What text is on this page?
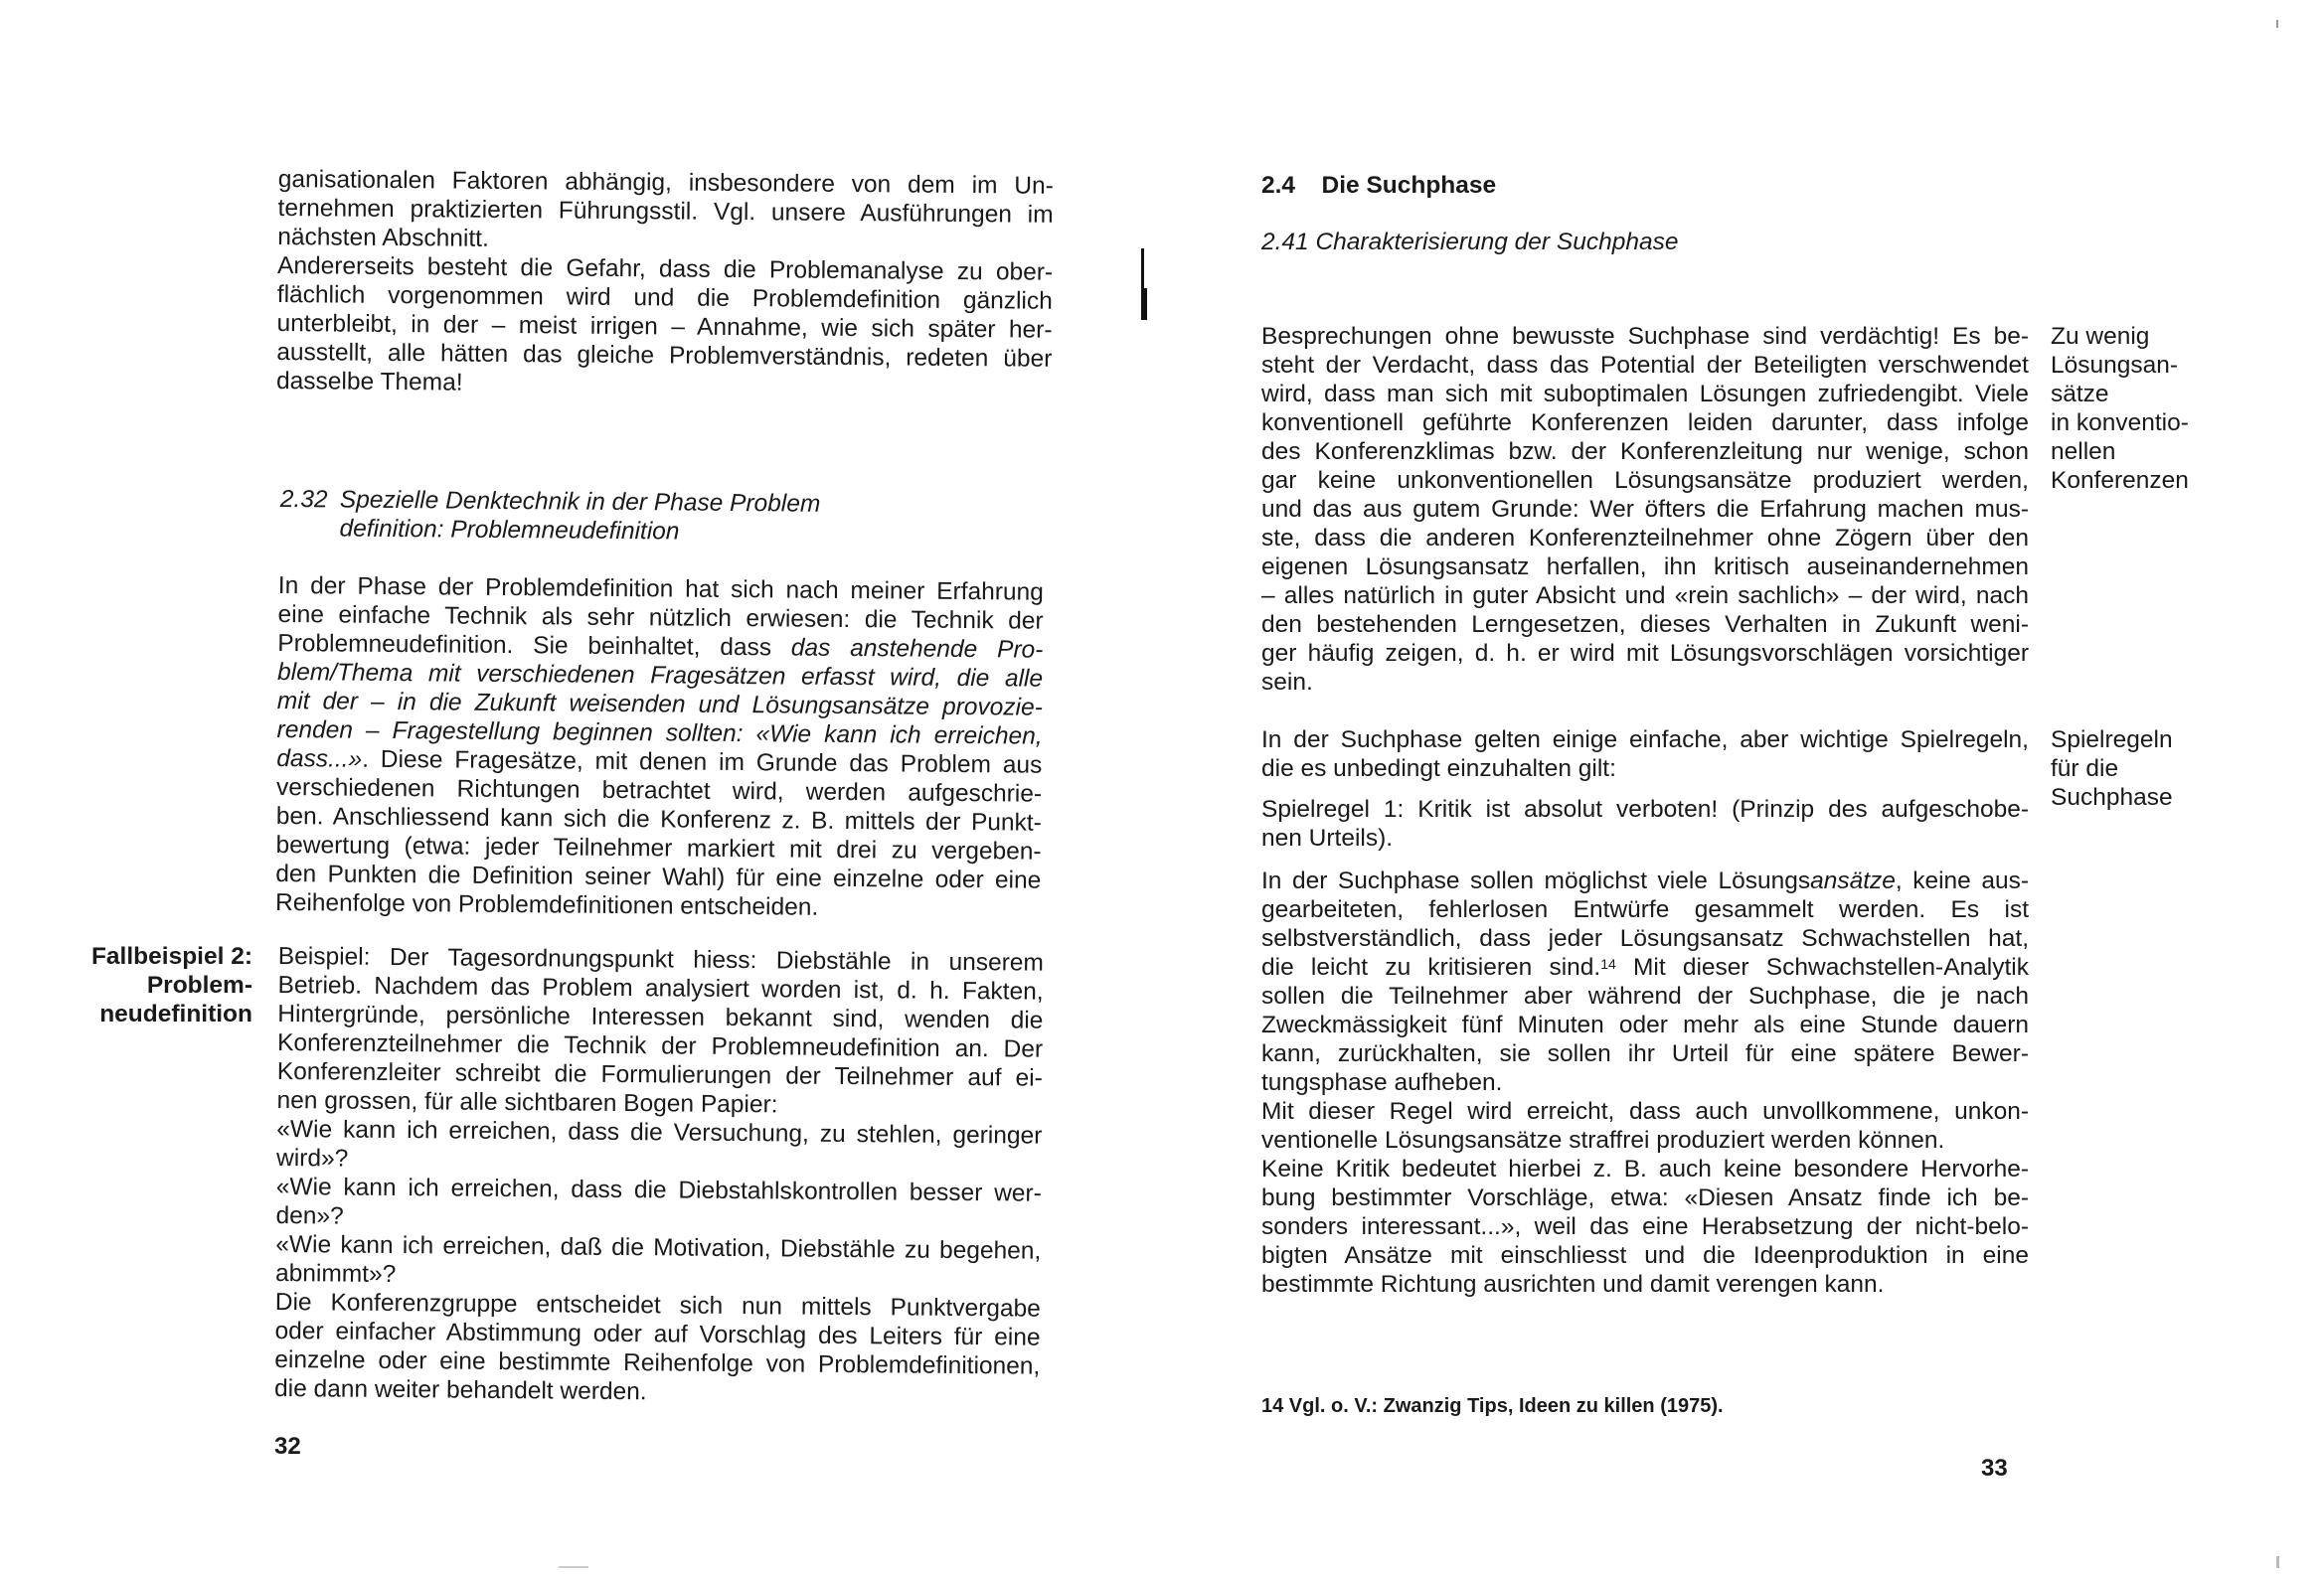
ganisationalen Faktoren abhängig, insbesondere von dem im Un-
ternehmen praktizierten Führungsstil. Vgl. unsere Ausführungen im
nächsten Abschnitt.
Andererseits besteht die Gefahr, dass die Problemanalyse zu ober-
flächlich vorgenommen wird und die Problemdefinition gänzlich
unterbleibt, in der – meist irrigen – Annahme, wie sich später her-
ausstellt, alle hätten das gleiche Problemverständnis, redeten über
dasselbe Thema!
2.32 Spezielle Denktechnik in der Phase Problem
definition: Problemneudefinition
In der Phase der Problemdefinition hat sich nach meiner Erfahrung
eine einfache Technik als sehr nützlich erwiesen: die Technik der
Problemneudefinition. Sie beinhaltet, dass das anstehende Pro-
blem/Thema mit verschiedenen Fragesätzen erfasst wird, die alle
mit der – in die Zukunft weisenden und Lösungsansätze provozie-
renden – Fragestellung beginnen sollten: «Wie kann ich erreichen,
dass...». Diese Fragesätze, mit denen im Grunde das Problem aus
verschiedenen Richtungen betrachtet wird, werden aufgeschrie-
ben. Anschliessend kann sich die Konferenz z. B. mittels der Punkt-
bewertung (etwa: jeder Teilnehmer markiert mit drei zu vergeben-
den Punkten die Definition seiner Wahl) für eine einzelne oder eine
Reihenfolge von Problemdefinitionen entscheiden.
Fallbeispiel 2:
Problem-
neudefinition
Beispiel: Der Tagesordnungspunkt hiess: Diebstähle in unserem
Betrieb. Nachdem das Problem analysiert worden ist, d. h. Fakten,
Hintergründe, persönliche Interessen bekannt sind, wenden die
Konferenzteilnehmer die Technik der Problemneudefinition an. Der
Konferenzleiter schreibt die Formulierungen der Teilnehmer auf ei-
nen grossen, für alle sichtbaren Bogen Papier:
«Wie kann ich erreichen, dass die Versuchung, zu stehlen, geringer
wird»?
«Wie kann ich erreichen, dass die Diebstahlskontrollen besser wer-
den»?
«Wie kann ich erreichen, daß die Motivation, Diebstähle zu begehen,
abnimmt»?
Die Konferenzgruppe entscheidet sich nun mittels Punktvergabe
oder einfacher Abstimmung oder auf Vorschlag des Leiters für eine
einzelne oder eine bestimmte Reihenfolge von Problemdefinitionen,
die dann weiter behandelt werden.
32
2.4 Die Suchphase
2.41 Charakterisierung der Suchphase
Besprechungen ohne bewusste Suchphase sind verdächtig! Es be-
steht der Verdacht, dass das Potential der Beteiligten verschwendet
wird, dass man sich mit suboptimalen Lösungen zufriedengibt. Viele
konventionell geführte Konferenzen leiden darunter, dass infolge
des Konferenzklimas bzw. der Konferenzleitung nur wenige, schon
gar keine unkonventionellen Lösungsansätze produziert werden,
und das aus gutem Grunde: Wer öfters die Erfahrung machen mus-
ste, dass die anderen Konferenzteilnehmer ohne Zögern über den
eigenen Lösungsansatz herfallen, ihn kritisch auseinandernehmen
– alles natürlich in guter Absicht und «rein sachlich» – der wird, nach
den bestehenden Lerngesetzen, dieses Verhalten in Zukunft weni-
ger häufig zeigen, d. h. er wird mit Lösungsvorschlägen vorsichtiger
sein.
Zu wenig
Lösungsan-
sätze
in konventio-
nellen
Konferenzen
In der Suchphase gelten einige einfache, aber wichtige Spielregeln,
die es unbedingt einzuhalten gilt:
Spielregeln
für die
Suchphase
Spielregel 1: Kritik ist absolut verboten! (Prinzip des aufgeschobe-
nen Urteils).
In der Suchphase sollen möglichst viele Lösungsansätze, keine aus-
gearbeiteten, fehlerlosen Entwürfe gesammelt werden. Es ist
selbstverständlich, dass jeder Lösungsansatz Schwachstellen hat,
die leicht zu kritisieren sind.$^{14}$ Mit dieser Schwachstellen-Analytik
sollen die Teilnehmer aber während der Suchphase, die je nach
Zweckmässigkeit fünf Minuten oder mehr als eine Stunde dauern
kann, zurückhalten, sie sollen ihr Urteil für eine spätere Bewer-
tungsphase aufheben.
Mit dieser Regel wird erreicht, dass auch unvollkommene, unkon-
ventionelle Lösungsansätze straffrei produziert werden können.
Keine Kritik bedeutet hierbei z. B. auch keine besondere Hervorhe-
bung bestimmter Vorschläge, etwa: «Diesen Ansatz finde ich be-
sonders interessant...», weil das eine Herabsetzung der nicht-belo-
bigten Ansätze mit einschliesst und die Ideenproduktion in eine
bestimmte Richtung ausrichten und damit verengen kann.
14 Vgl. o. V.: Zwanzig Tips, Ideen zu killen (1975).
33
